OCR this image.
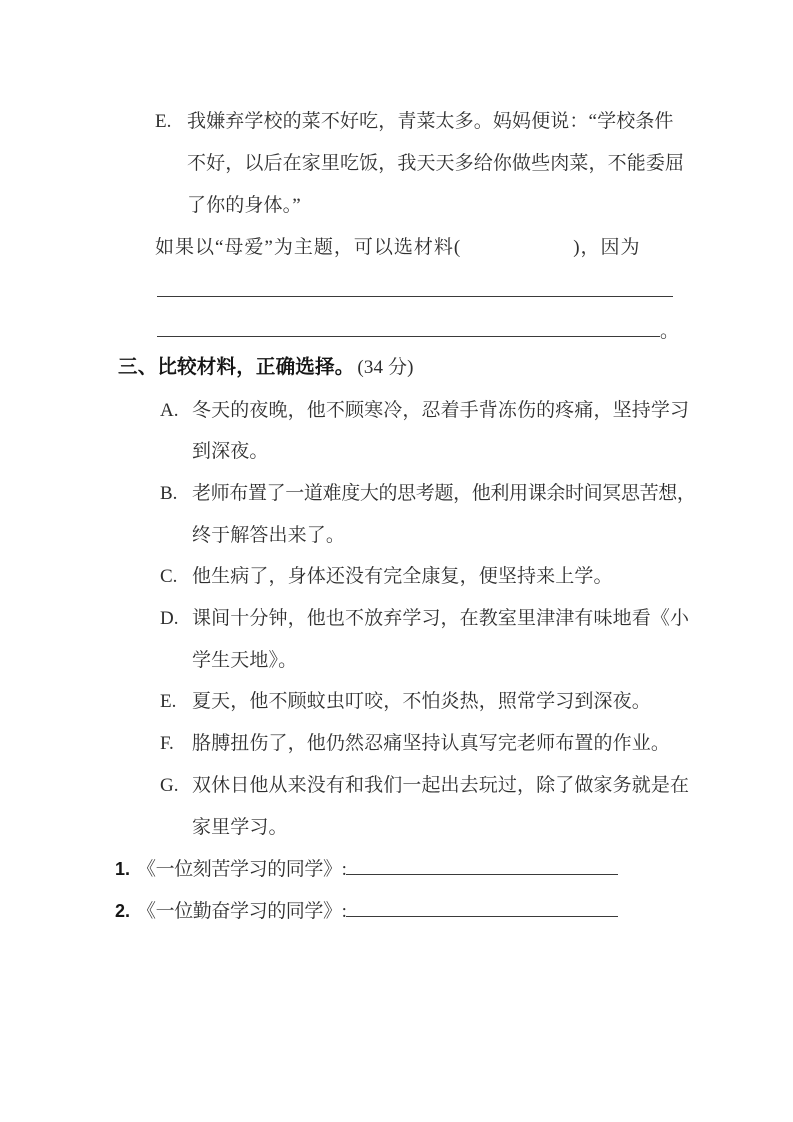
E. 我嫌弃学校的菜不好吃，青菜太多。妈妈便说：“学校条件
不好，以后在家里吃饭，我天天多给你做些肉菜，不能委屈
了你的身体。”
如果以“母爱”为主题，可以选材料(	)，因为
。
三、比较材料，正确选择。 (34 分)
A. 冬天的夜晚，他不顾寒冷，忍着手背冻伤的疼痛，坚持学习
到深夜。
B. 老师布置了一道难度大的思考题，他利用课余时间冥思苦想，
终于解答出来了。
C. 他生病了，身体还没有完全康复，便坚持来上学。
D. 课间十分钟，他也不放弃学习，在教室里津津有味地看《小
学生天地》。
E. 夏天，他不顾蚊虫叮咬，不怕炎热，照常学习到深夜。
F. 胳膊扭伤了，他仍然忍痛坚持认真写完老师布置的作业。
G. 双休日他从来没有和我们一起出去玩过，除了做家务就是在
家里学习。
1. 《一位刻苦学习的同学》:
2. 《一位勤奋学习的同学》:
